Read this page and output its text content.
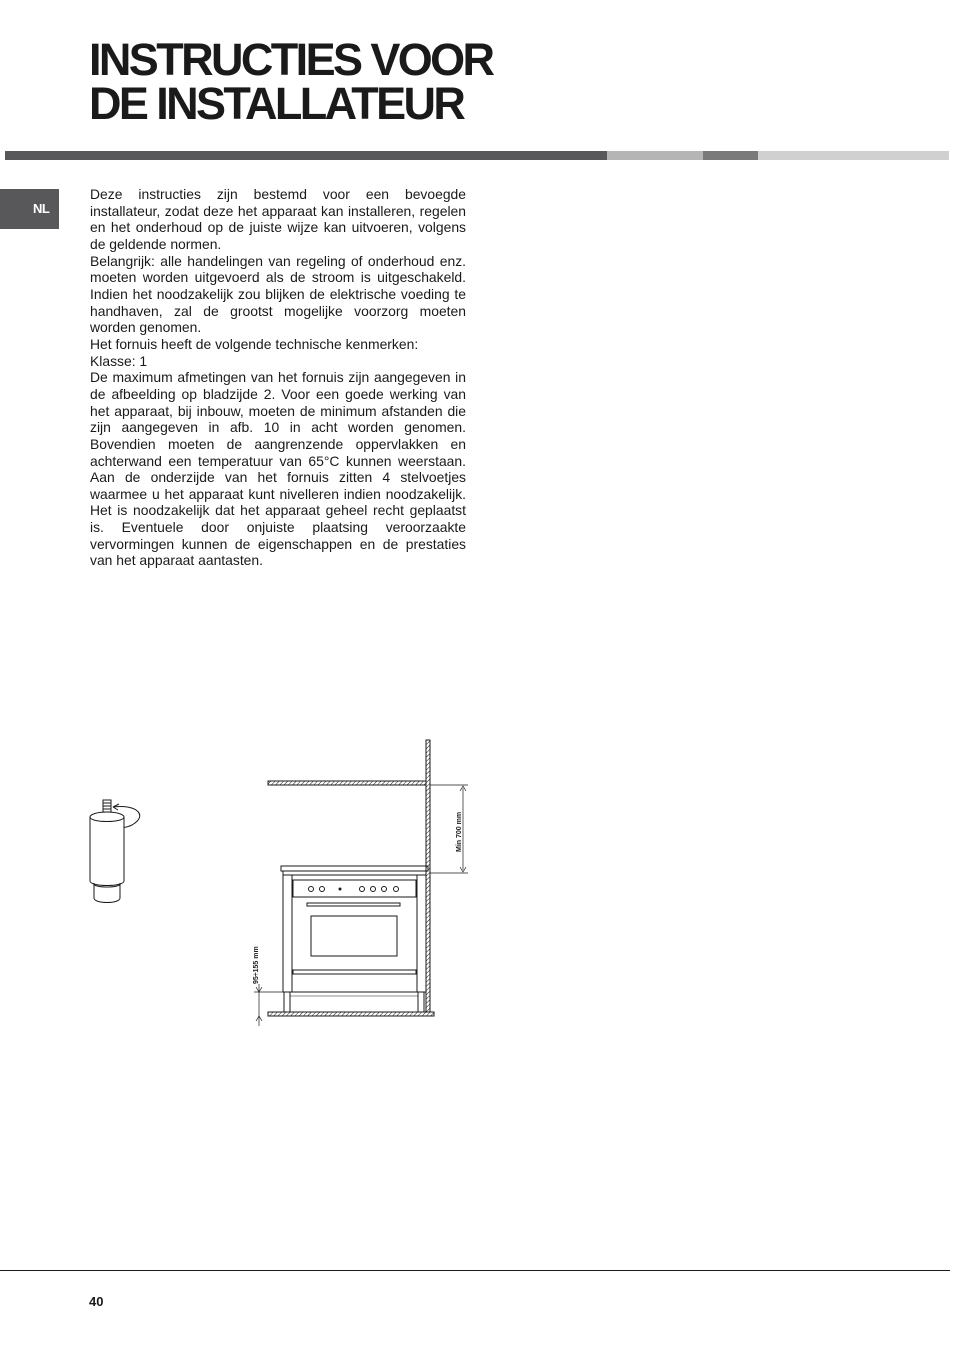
INSTRUCTIES VOOR
DE INSTALLATEUR
NL

Deze instructies zijn bestemd voor een bevoegde installateur, zodat deze het apparaat kan installeren, regelen en het onderhoud op de juiste wijze kan uitvoeren, volgens de geldende normen.

Belangrijk: alle handelingen van regeling of onderhoud enz. moeten worden uitgevoerd als de stroom is uitgeschakeld. Indien het noodzakelijk zou blijken de elektrische voeding te handhaven, zal de grootst mogelijke voorzorg moeten worden genomen.

Het fornuis heeft de volgende technische kenmerken:

Klasse: 1

De maximum afmetingen van het fornuis zijn aangegeven in de afbeelding op bladzijde 2. Voor een goede werking van het apparaat, bij inbouw, moeten de minimum afstanden die zijn aangegeven in afb. 10 in acht worden genomen. Bovendien moeten de aangrenzende oppervlakken en achterwand een temperatuur van 65°C kunnen weerstaan. Aan de onderzijde van het fornuis zitten 4 stelvoetjes waarmee u het apparaat kunt nivelleren indien noodzakelijk. Het is noodzakelijk dat het apparaat geheel recht geplaatst is. Eventuele door onjuiste plaatsing veroorzaakte vervormingen kunnen de eigenschappen en de prestaties van het apparaat aantasten.

Min 700 mm
95÷155 mm
40
